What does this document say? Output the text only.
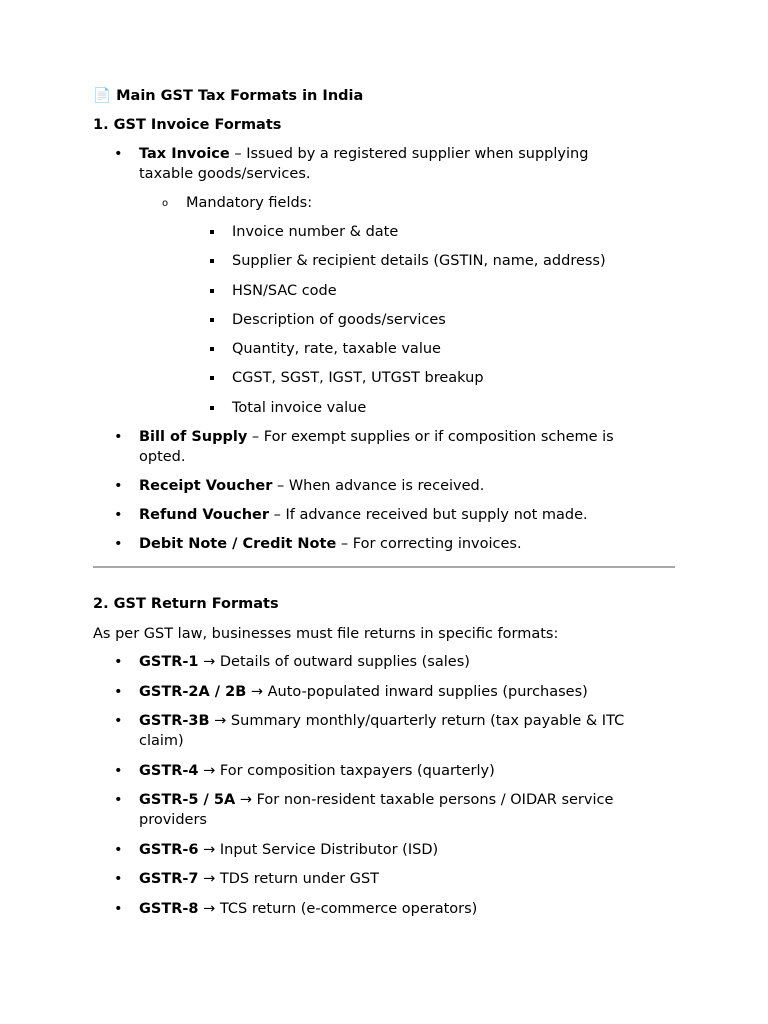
📄 Main GST Tax Formats in India
1. GST Invoice Formats
• Tax Invoice – Issued by a registered supplier when supplying
taxable goods/services.
o Mandatory fields:
Invoice number & date
Supplier & recipient details (GSTIN, name, address)
HSN/SAC code
Description of goods/services
Quantity, rate, taxable value
CGST, SGST, IGST, UTGST breakup
Total invoice value
• Bill of Supply – For exempt supplies or if composition scheme is
opted.
• Receipt Voucher – When advance is received.
• Refund Voucher – If advance received but supply not made.
• Debit Note / Credit Note – For correcting invoices.
2. GST Return Formats
As per GST law, businesses must file returns in specific formats:
• GSTR-1 → Details of outward supplies (sales)
• GSTR-2A / 2B → Auto-populated inward supplies (purchases)
• GSTR-3B → Summary monthly/quarterly return (tax payable & ITC
claim)
• GSTR-4 → For composition taxpayers (quarterly)
• GSTR-5 / 5A → For non-resident taxable persons / OIDAR service
providers
• GSTR-6 → Input Service Distributor (ISD)
• GSTR-7 → TDS return under GST
• GSTR-8 → TCS return (e-commerce operators)
